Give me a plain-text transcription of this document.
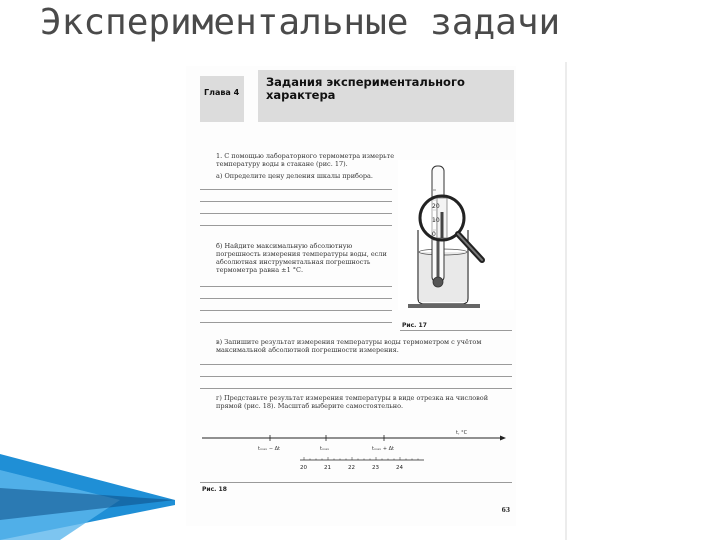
Экспериментальные задачи
Глава 4
Задания экспериментального характера
1. С помощью лабораторного термометра измерьте температуру воды в стакане (рис. 17).
а) Определите цену деления шкалы прибора.
б) Найдите максимальную абсолютную погрешность измерения температуры воды, если абсолютная инструментальная погрешность термометра равна ±1 °С.
20
10
0
Рис. 17
в) Запишите результат измерения температуры воды термометром с учётом максимальной абсолютной погрешности измерения.
г) Представьте результат измерения температуры в виде отрезка на числовой прямой (рис. 18). Масштаб выберите самостоятельно.
tₘₐₓ − Δt	tₘₐₓ	tₘₐₓ + Δt
t, °C
20	21	22	23	24
Рис. 18
63
